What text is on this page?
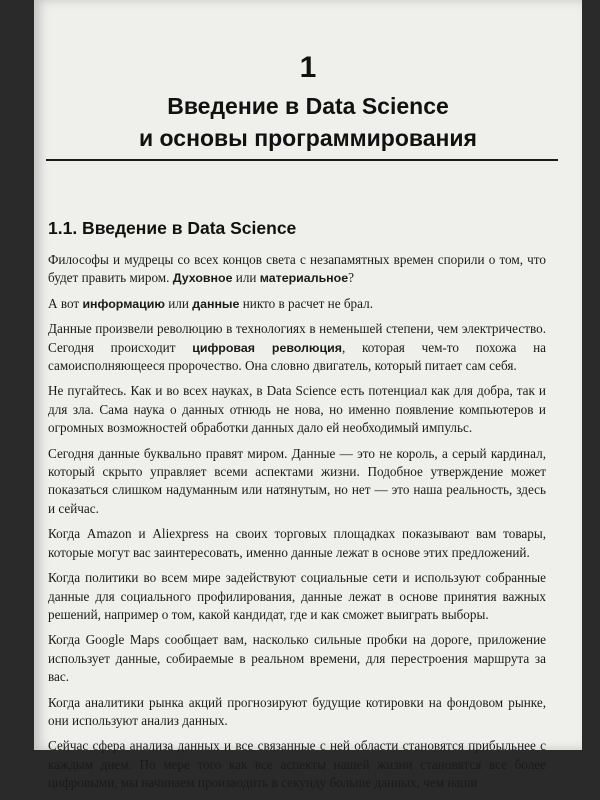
1
Введение в Data Science
и основы программирования
1.1. Введение в Data Science

Философы и мудрецы со всех концов света с незапамятных времен спорили о том, что будет править миром. Духовное или материальное?

А вот информацию или данные никто в расчет не брал.

Данные произвели революцию в технологиях в неменьшей степени, чем электричество. Сегодня происходит цифровая революция, которая чем-то похожа на самоисполняющееся пророчество. Она словно двигатель, который питает сам себя.

Не пугайтесь. Как и во всех науках, в Data Science есть потенциал как для добра, так и для зла. Сама наука о данных отнюдь не нова, но именно появление компьютеров и огромных возможностей обработки данных дало ей необходимый импульс.

Сегодня данные буквально правят миром. Данные — это не король, а серый кардинал, который скрыто управляет всеми аспектами жизни. Подобное утверждение может показаться слишком надуманным или натянутым, но нет — это наша реальность, здесь и сейчас.

Когда Amazon и Aliexpress на своих торговых площадках показывают вам товары, которые могут вас заинтересовать, именно данные лежат в основе этих предложений.

Когда политики во всем мире задействуют социальные сети и используют собранные данные для социального профилирования, данные лежат в основе принятия важных решений, например о том, какой кандидат, где и как сможет выиграть выборы.

Когда Google Maps сообщает вам, насколько сильные пробки на дороге, приложение использует данные, собираемые в реальном времени, для перестроения маршрута за вас.

Когда аналитики рынка акций прогнозируют будущие котировки на фондовом рынке, они используют анализ данных.

Сейчас сфера анализа данных и все связанные с ней области становятся прибыльнее с каждым днем. По мере того как все аспекты нашей жизни становятся все более цифровыми, мы начинаем производить в секунду больше данных, чем наши
